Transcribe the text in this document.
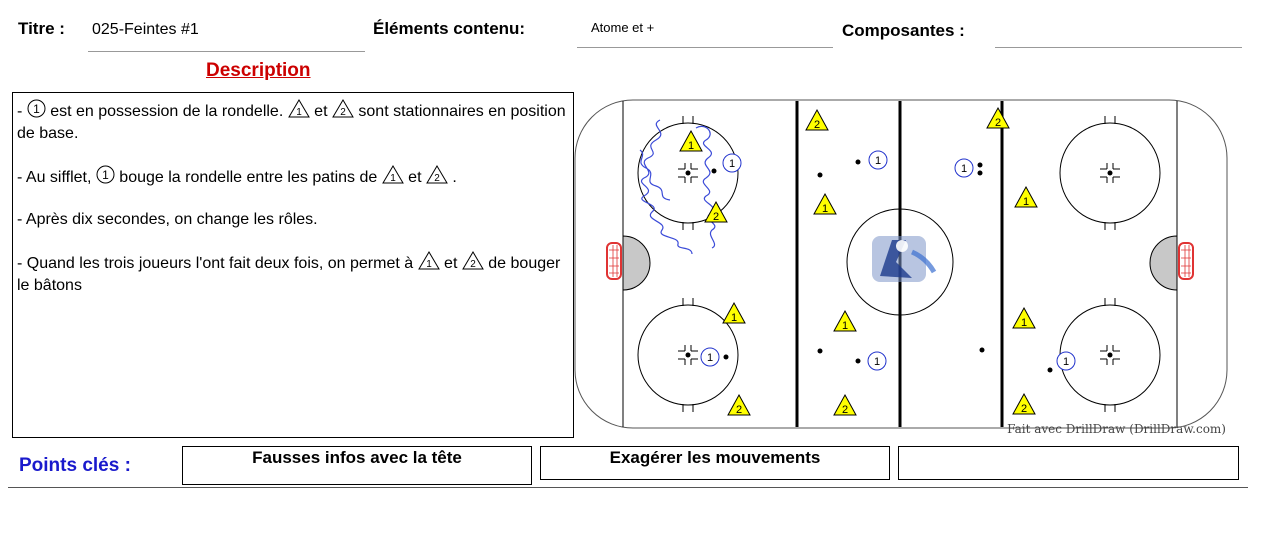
Titre : 025-Feintes #1	Éléments contenu:	Atome et +	Composantes :
Description

- 1 est en possession de la rondelle. 1 et 2 sont stationnaires en position de base.

- Au sifflet, 1 bouge la rondelle entre les patins de 1 et 2 .

- Après dix secondes, on change les rôles.

- Quand les trois joueurs l'ont fait deux fois, on permet à 1 et 2 de bouger le bâtons

Fait avec DrillDraw (DrillDraw.com)
Points clés :	Fausses infos avec la tête	Exagérer les mouvements
